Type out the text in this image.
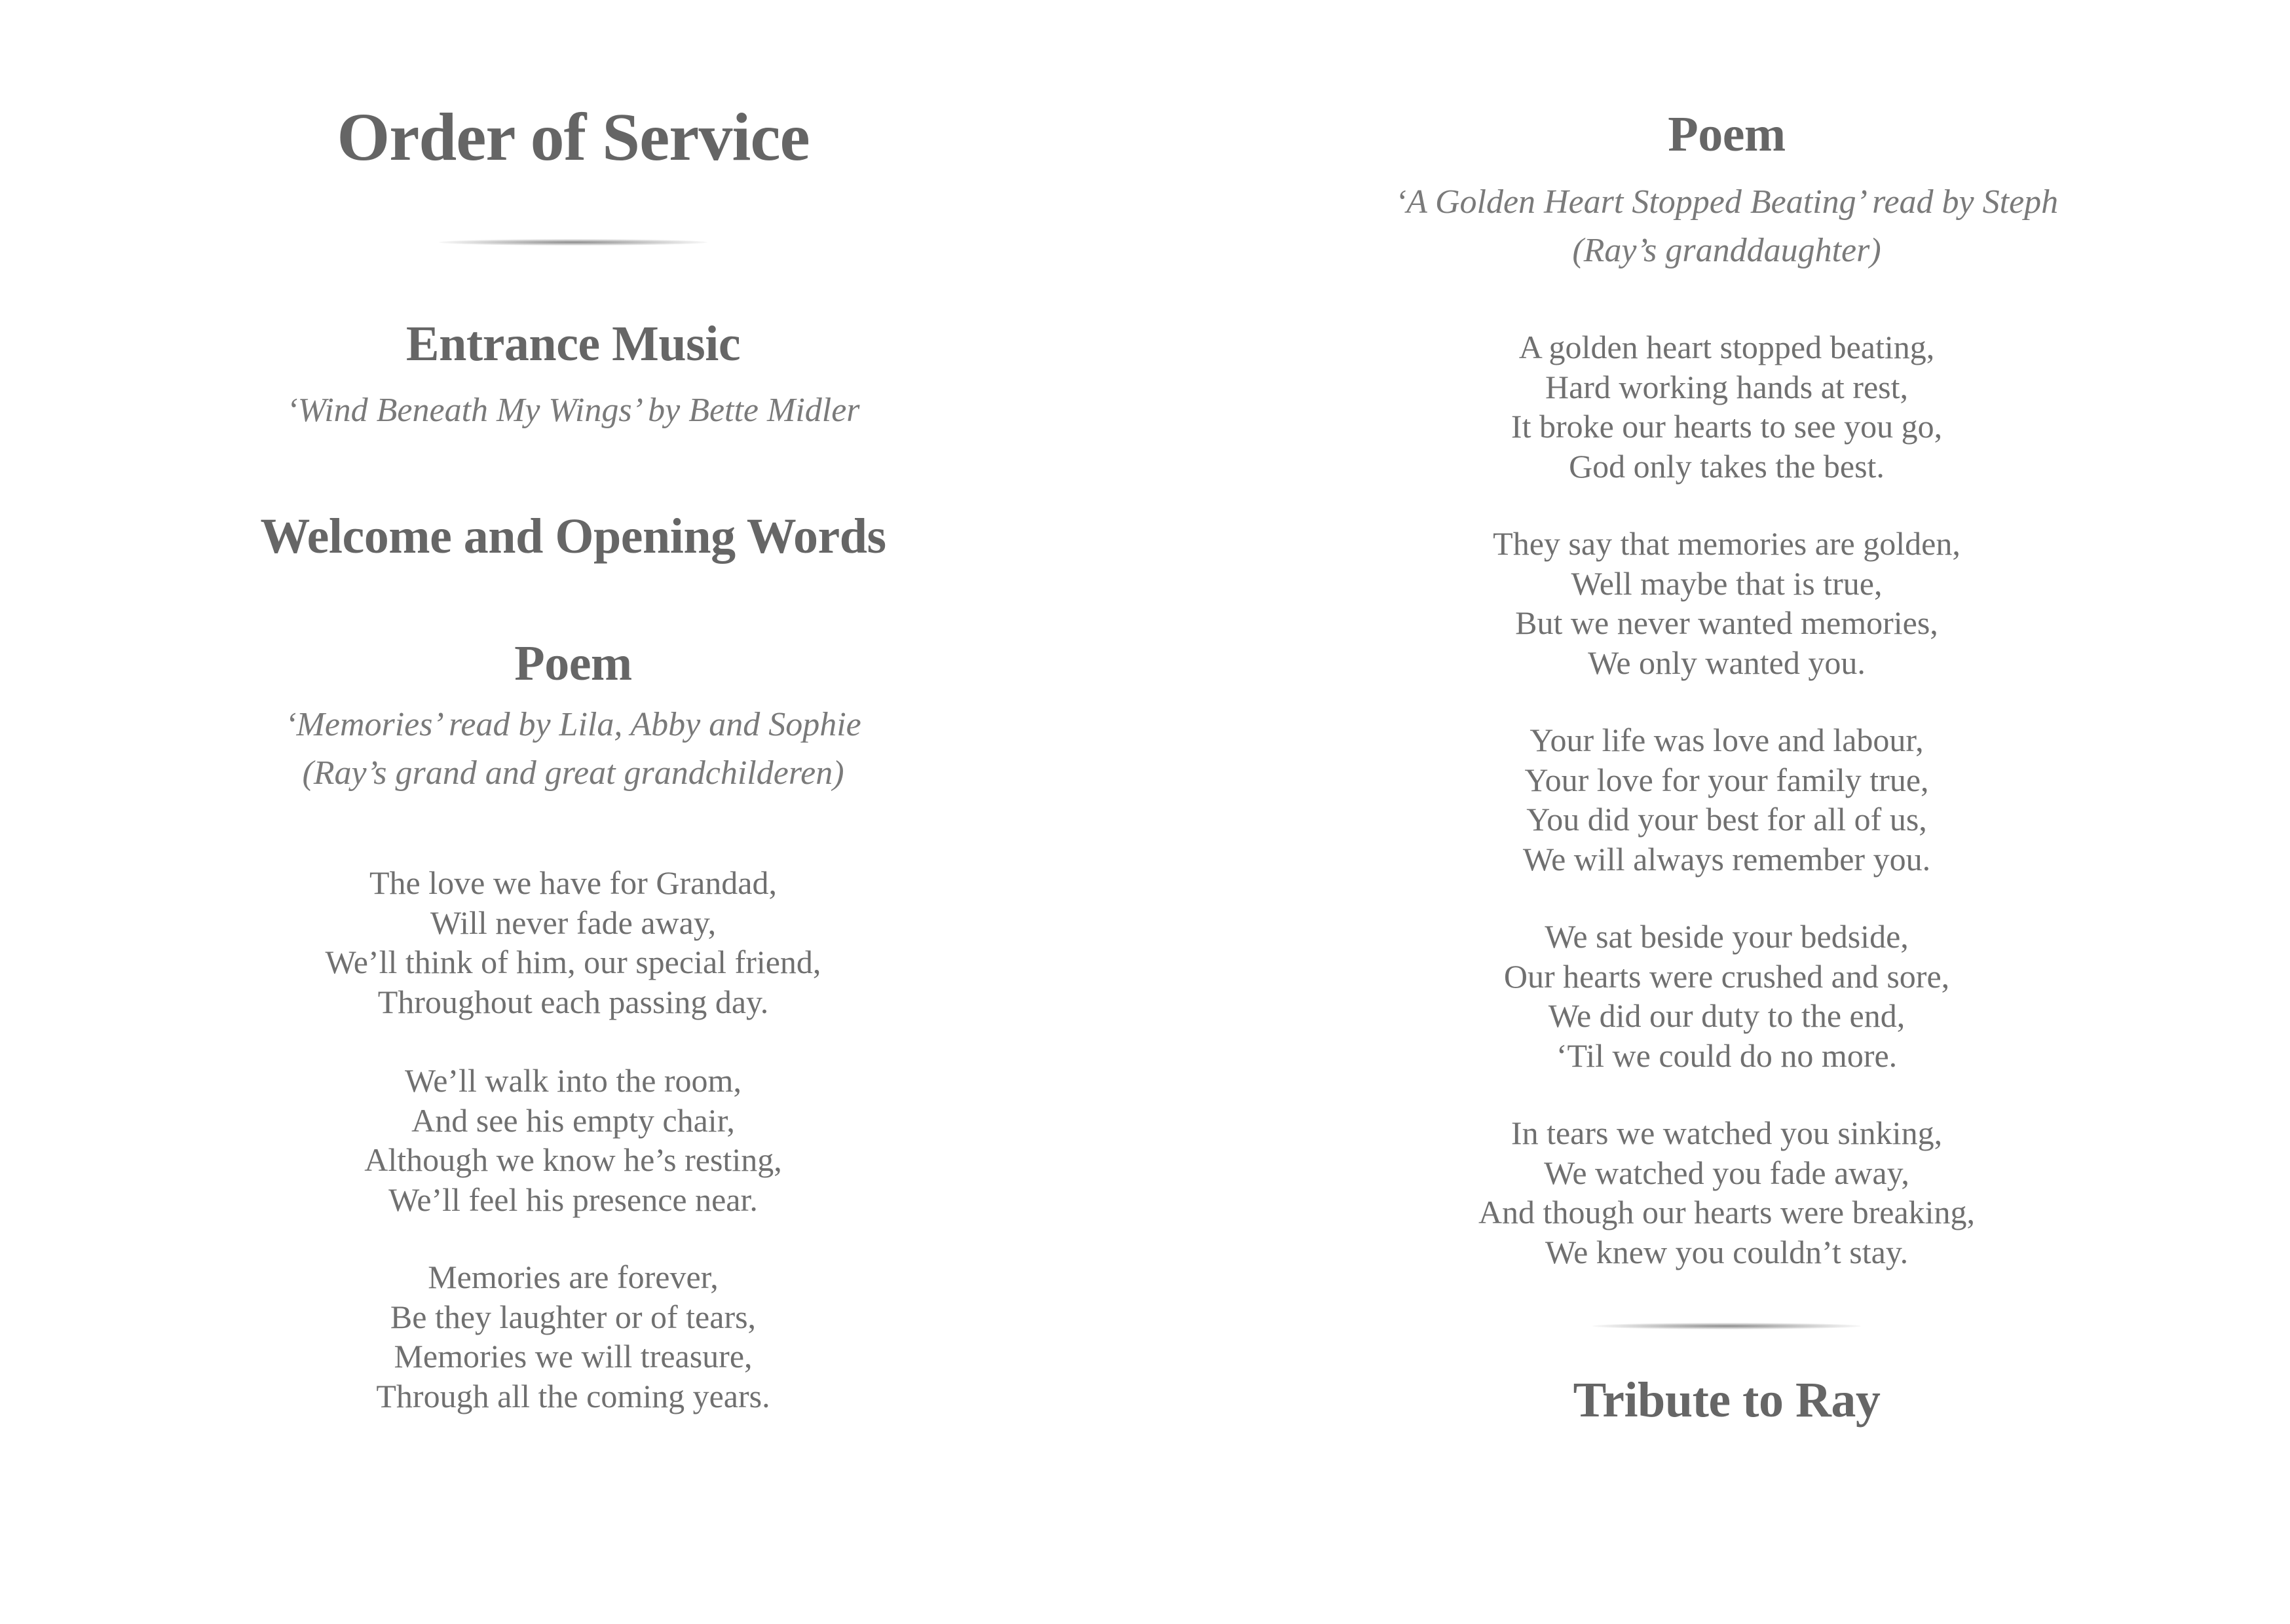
Order of Service
Entrance Music
‘Wind Beneath My Wings’ by Bette Midler
Welcome and Opening Words
Poem
‘Memories’ read by Lila, Abby and Sophie
(Ray’s grand and great grandchilderen)
The love we have for Grandad,
Will never fade away,
We’ll think of him, our special friend,
Throughout each passing day.
We’ll walk into the room,
And see his empty chair,
Although we know he’s resting,
We’ll feel his presence near.
Memories are forever,
Be they laughter or of tears,
Memories we will treasure,
Through all the coming years.
Poem
‘A Golden Heart Stopped Beating’ read by Steph
(Ray’s granddaughter)
A golden heart stopped beating,
Hard working hands at rest,
It broke our hearts to see you go,
God only takes the best.
They say that memories are golden,
Well maybe that is true,
But we never wanted memories,
We only wanted you.
Your life was love and labour,
Your love for your family true,
You did your best for all of us,
We will always remember you.
We sat beside your bedside,
Our hearts were crushed and sore,
We did our duty to the end,
‘Til we could do no more.
In tears we watched you sinking,
We watched you fade away,
And though our hearts were breaking,
We knew you couldn’t stay.
Tribute to Ray
